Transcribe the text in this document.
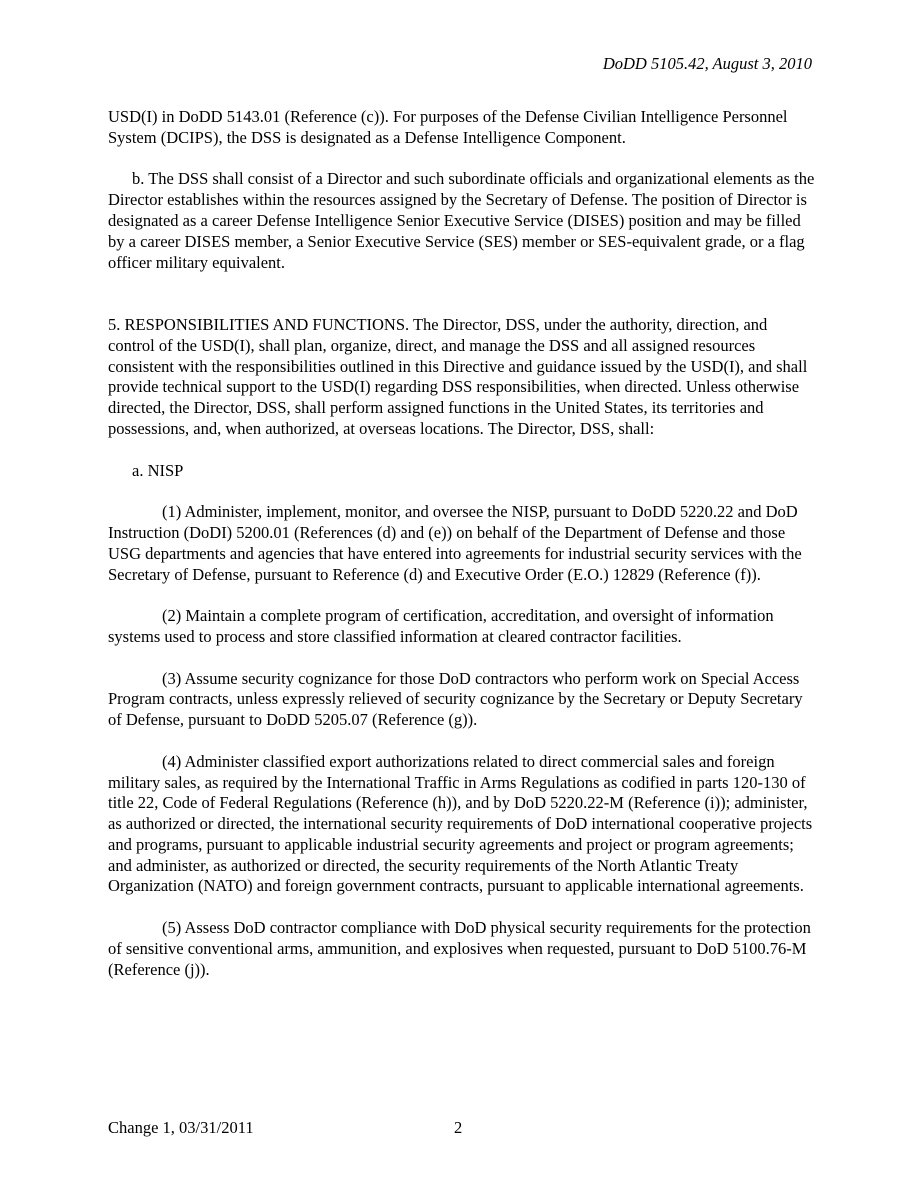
DoDD 5105.42, August 3, 2010

USD(I) in DoDD 5143.01 (Reference (c)). For purposes of the Defense Civilian Intelligence Personnel System (DCIPS), the DSS is designated as a Defense Intelligence Component.

b. The DSS shall consist of a Director and such subordinate officials and organizational elements as the Director establishes within the resources assigned by the Secretary of Defense. The position of Director is designated as a career Defense Intelligence Senior Executive Service (DISES) position and may be filled by a career DISES member, a Senior Executive Service (SES) member or SES-equivalent grade, or a flag officer military equivalent.

5. RESPONSIBILITIES AND FUNCTIONS. The Director, DSS, under the authority, direction, and control of the USD(I), shall plan, organize, direct, and manage the DSS and all assigned resources consistent with the responsibilities outlined in this Directive and guidance issued by the USD(I), and shall provide technical support to the USD(I) regarding DSS responsibilities, when directed. Unless otherwise directed, the Director, DSS, shall perform assigned functions in the United States, its territories and possessions, and, when authorized, at overseas locations. The Director, DSS, shall:

a. NISP

(1) Administer, implement, monitor, and oversee the NISP, pursuant to DoDD 5220.22 and DoD Instruction (DoDI) 5200.01 (References (d) and (e)) on behalf of the Department of Defense and those USG departments and agencies that have entered into agreements for industrial security services with the Secretary of Defense, pursuant to Reference (d) and Executive Order (E.O.) 12829 (Reference (f)).

(2) Maintain a complete program of certification, accreditation, and oversight of information systems used to process and store classified information at cleared contractor facilities.

(3) Assume security cognizance for those DoD contractors who perform work on Special Access Program contracts, unless expressly relieved of security cognizance by the Secretary or Deputy Secretary of Defense, pursuant to DoDD 5205.07 (Reference (g)).

(4) Administer classified export authorizations related to direct commercial sales and foreign military sales, as required by the International Traffic in Arms Regulations as codified in parts 120-130 of title 22, Code of Federal Regulations (Reference (h)), and by DoD 5220.22-M (Reference (i)); administer, as authorized or directed, the international security requirements of DoD international cooperative projects and programs, pursuant to applicable industrial security agreements and project or program agreements; and administer, as authorized or directed, the security requirements of the North Atlantic Treaty Organization (NATO) and foreign government contracts, pursuant to applicable international agreements.

(5) Assess DoD contractor compliance with DoD physical security requirements for the protection of sensitive conventional arms, ammunition, and explosives when requested, pursuant to DoD 5100.76-M (Reference (j)).

Change 1, 03/31/2011	2
